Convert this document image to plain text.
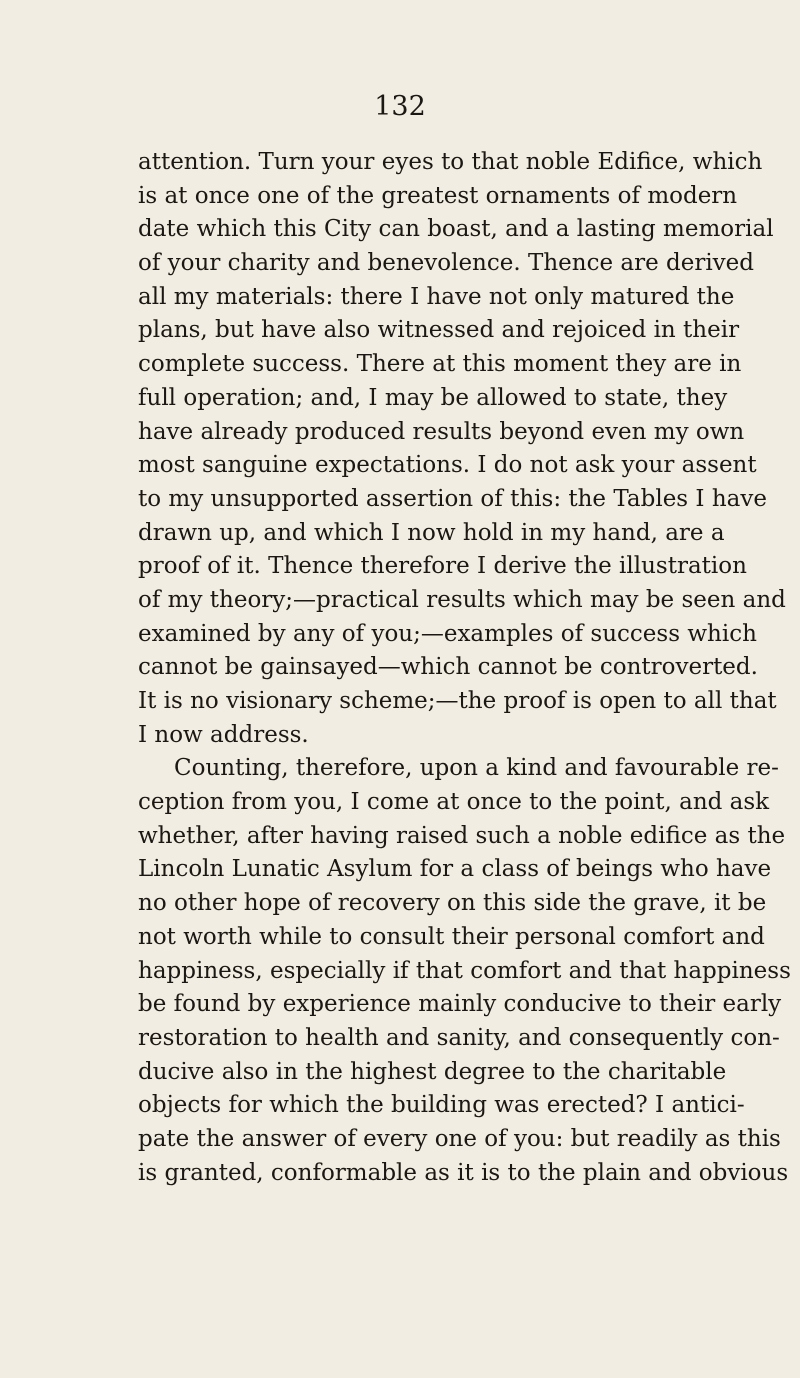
132
attention. Turn your eyes to that noble Edifice, which
is at once one of the greatest ornaments of modern
date which this City can boast, and a lasting memorial
of your charity and benevolence. Thence are derived
all my materials: there I have not only matured the
plans, but have also witnessed and rejoiced in their
complete success. There at this moment they are in
full operation; and, I may be allowed to state, they
have already produced results beyond even my own
most sanguine expectations. I do not ask your assent
to my unsupported assertion of this: the Tables I have
drawn up, and which I now hold in my hand, are a
proof of it. Thence therefore I derive the illustration
of my theory;—practical results which may be seen and
examined by any of you;—examples of success which
cannot be gainsayed—which cannot be controverted.
It is no visionary scheme;—the proof is open to all that
I now address.
Counting, therefore, upon a kind and favourable re-
ception from you, I come at once to the point, and ask
whether, after having raised such a noble edifice as the
Lincoln Lunatic Asylum for a class of beings who have
no other hope of recovery on this side the grave, it be
not worth while to consult their personal comfort and
happiness, especially if that comfort and that happiness
be found by experience mainly conducive to their early
restoration to health and sanity, and consequently con-
ducive also in the highest degree to the charitable
objects for which the building was erected? I antici-
pate the answer of every one of you: but readily as this
is granted, conformable as it is to the plain and obvious
